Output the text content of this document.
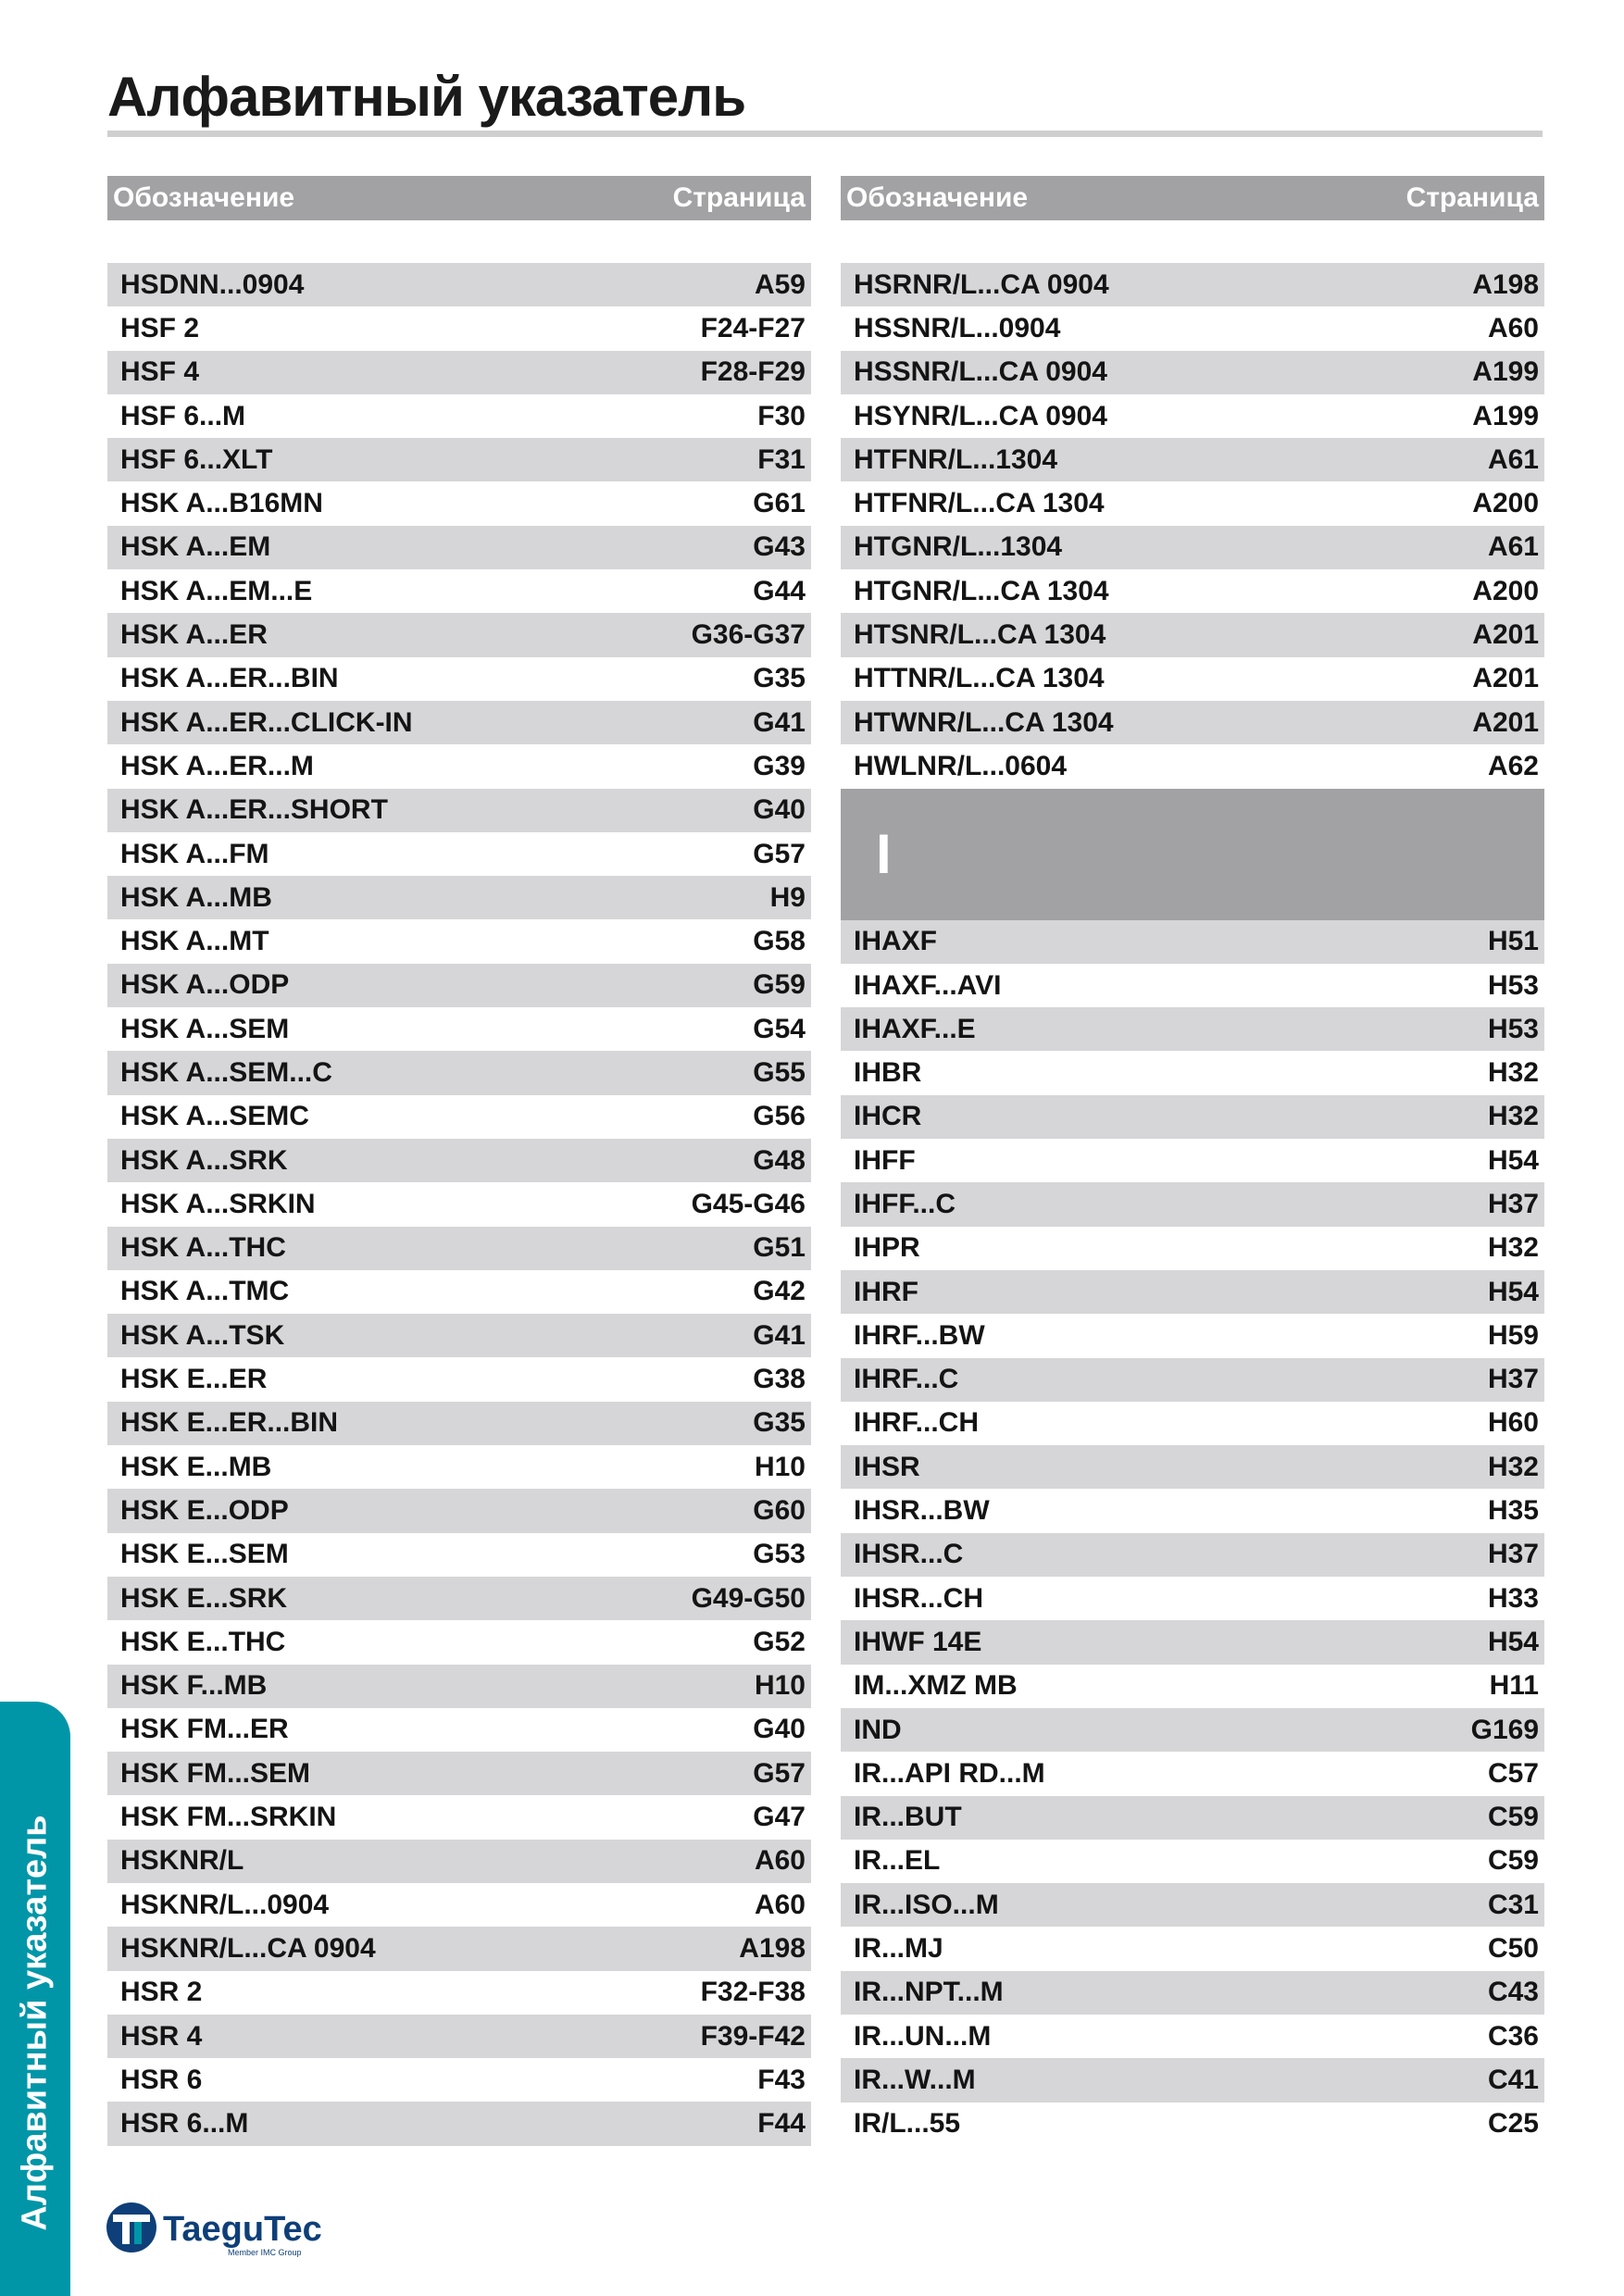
Алфавитный указатель
Обозначение	Страница
HSDNN...0904	A59
HSF 2	F24-F27
HSF 4	F28-F29
HSF 6...M	F30
HSF 6...XLT	F31
HSK A...B16MN	G61
HSK A...EM	G43
HSK A...EM...E	G44
HSK A...ER	G36-G37
HSK A...ER...BIN	G35
HSK A...ER...CLICK-IN	G41
HSK A...ER...M	G39
HSK A...ER...SHORT	G40
HSK A...FM	G57
HSK A...MB	H9
HSK A...MT	G58
HSK A...ODP	G59
HSK A...SEM	G54
HSK A...SEM...C	G55
HSK A...SEMC	G56
HSK A...SRK	G48
HSK A...SRKIN	G45-G46
HSK A...THC	G51
HSK A...TMC	G42
HSK A...TSK	G41
HSK E...ER	G38
HSK E...ER...BIN	G35
HSK E...MB	H10
HSK E...ODP	G60
HSK E...SEM	G53
HSK E...SRK	G49-G50
HSK E...THC	G52
HSK F...MB	H10
HSK FM...ER	G40
HSK FM...SEM	G57
HSK FM...SRKIN	G47
HSKNR/L	A60
HSKNR/L...0904	A60
HSKNR/L...CA 0904	A198
HSR 2	F32-F38
HSR 4	F39-F42
HSR 6	F43
HSR 6...M	F44
Обозначение	Страница
HSRNR/L...CA 0904	A198
HSSNR/L...0904	A60
HSSNR/L...CA 0904	A199
HSYNR/L...CA 0904	A199
HTFNR/L...1304	A61
HTFNR/L...CA 1304	A200
HTGNR/L...1304	A61
HTGNR/L...CA 1304	A200
HTSNR/L...CA 1304	A201
HTTNR/L...CA 1304	A201
HTWNR/L...CA 1304	A201
HWLNR/L...0604	A62
I
IHAXF	H51
IHAXF...AVI	H53
IHAXF...E	H53
IHBR	H32
IHCR	H32
IHFF	H54
IHFF...C	H37
IHPR	H32
IHRF	H54
IHRF...BW	H59
IHRF...C	H37
IHRF...CH	H60
IHSR	H32
IHSR...BW	H35
IHSR...C	H37
IHSR...CH	H33
IHWF 14E	H54
IM...XMZ MB	H11
IND	G169
IR...API RD...M	C57
IR...BUT	C59
IR...EL	C59
IR...ISO...M	C31
IR...MJ	C50
IR...NPT...M	C43
IR...UN...M	C36
IR...W...M	C41
IR/L...55	C25
Алфавитный указатель	TaeguTec
Member IMC Group
